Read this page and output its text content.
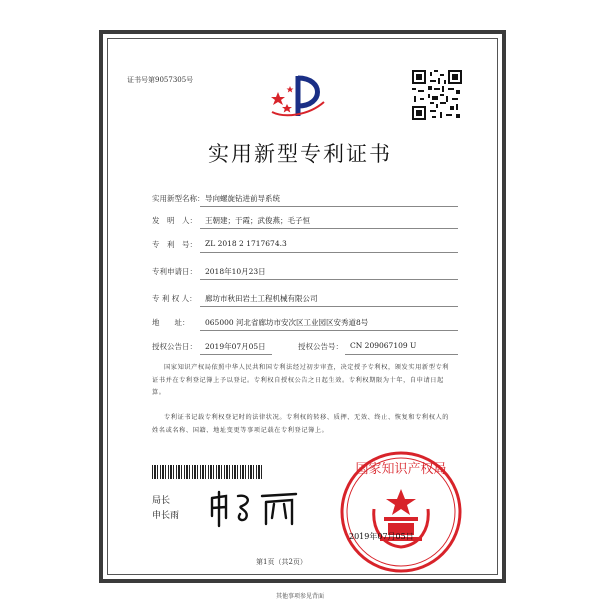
证书号第9057305号
实用新型专利证书
实用新型名称： 导向螺旋钻进前导系统
发　明　人： 王朝建；于霞；武俊燕；毛子恒
专　利　号： ZL 2018 2 1717674.3
专利申请日： 2018年10月23日
专 利 权 人： 廊坊市秋田岩土工程机械有限公司
地　　址： 065000 河北省廊坊市安次区工业园区安秀道8号
授权公告日： 2019年07月05日	授权公告号： CN 209067109 U
国家知识产权局依照中华人民共和国专利法经过初步审查，决定授予专利权，颁发实用新型专利证书并在专利登记簿上予以登记。专利权自授权公告之日起生效。专利权期限为十年，自申请日起算。
专利证书记载专利权登记时的法律状况。专利权的转移、质押、无效、终止、恢复和专利权人的姓名或名称、国籍、地址变更等事项记载在专利登记簿上。
局长
申长雨
国家知识产权局
2019年07月05日
第1页（共2页）
其他事项参见背面
